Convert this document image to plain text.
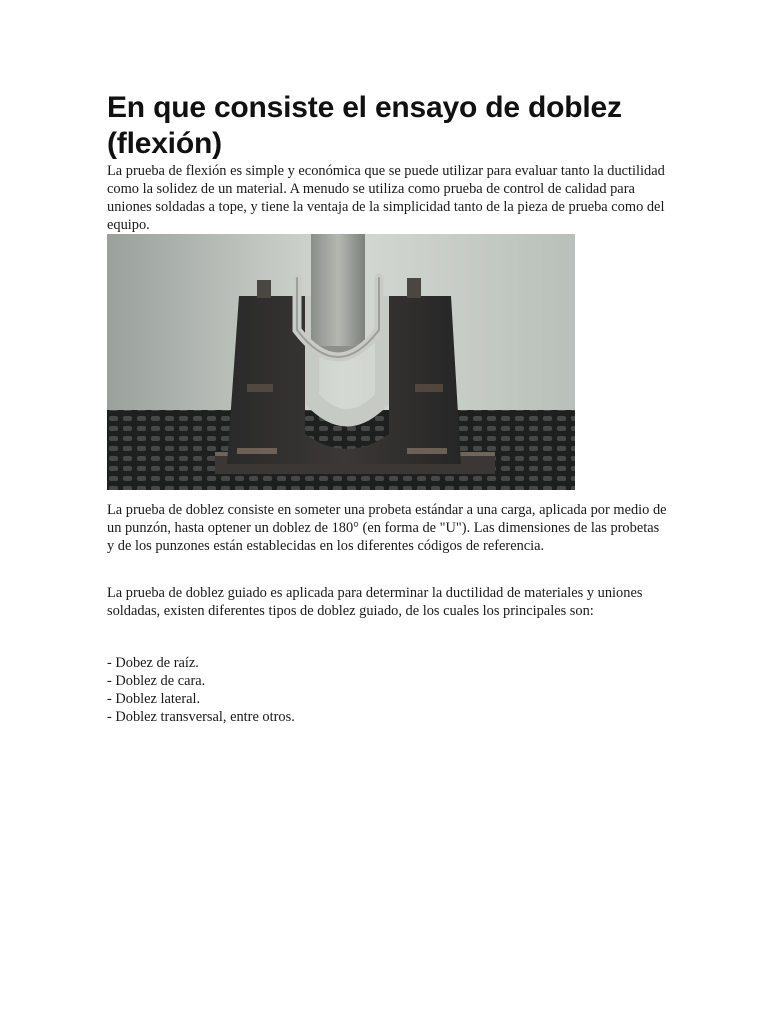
En que consiste el ensayo de doblez (flexión)

La prueba de flexión es simple y económica que se puede utilizar para evaluar tanto la ductilidad como la solidez de un material. A menudo se utiliza como prueba de control de calidad para uniones soldadas a tope, y tiene la ventaja de la simplicidad tanto de la pieza de prueba como del equipo.

La prueba de doblez consiste en someter una probeta estándar a una carga, aplicada por medio de un punzón, hasta optener un doblez de 180° (en forma de "U"). Las dimensiones de las probetas y de los punzones están establecidas en los diferentes códigos de referencia.

La prueba de doblez guiado es aplicada para determinar la ductilidad de materiales y uniones soldadas, existen diferentes tipos de doblez guiado, de los cuales los principales son:

- Dobez de raíz.
- Doblez de cara.
- Doblez lateral.
- Doblez transversal, entre otros.
